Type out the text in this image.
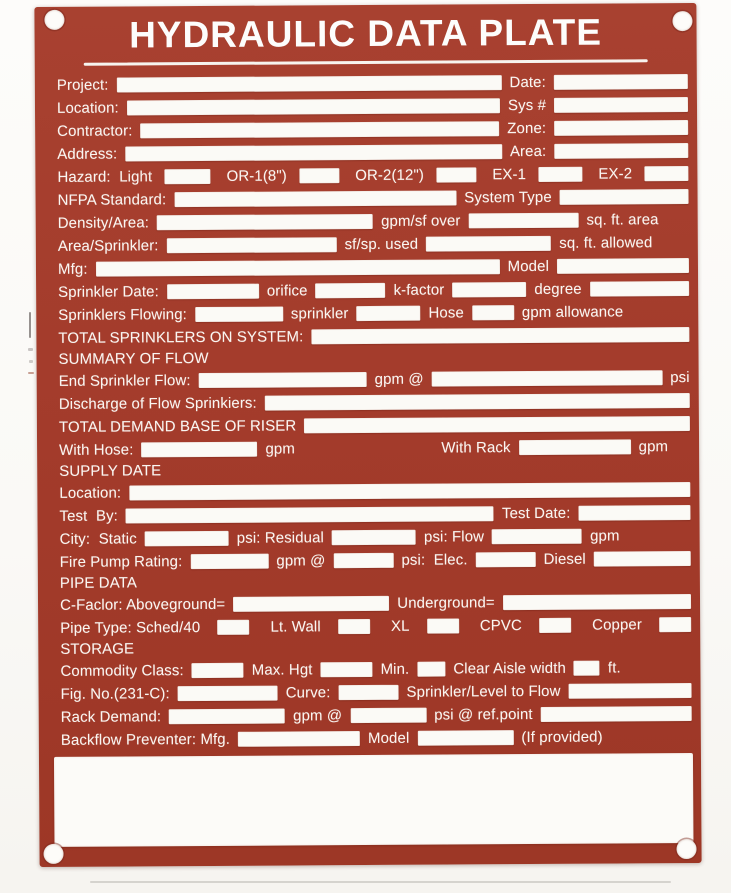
HYDRAULIC DATA PLATE
Project:	Date:
Location:	Sys #
Contractor:	Zone:
Address:	Area:
Hazard:  Light	OR-1(8")	OR-2(12")	EX-1	EX-2
NFPA Standard:	System Type
Density/Area:	gpm/sf over	sq. ft. area
Area/Sprinkler:	sf/sp. used	sq. ft. allowed
Mfg:	Model
Sprinkler Date:	orifice	k-factor	degree
Sprinklers Flowing:	sprinkler	Hose	gpm allowance
TOTAL SPRINKLERS ON SYSTEM:
SUMMARY OF FLOW
End Sprinkler Flow:	gpm @	psi
Discharge of Flow Sprinkiers:
TOTAL DEMAND BASE OF RISER
With Hose:	gpm	With Rack	gpm
SUPPLY DATE
Location:
Test  By:	Test Date:
City:  Static	psi: Residual	psi: Flow	gpm
Fire Pump Rating:	gpm @	psi:  Elec.	Diesel
PIPE DATA
C-Faclor: Aboveground=	Underground=
Pipe Type: Sched/40	Lt. Wall	XL	CPVC	Copper
STORAGE
Commodity Class:	Max. Hgt	Min.	Clear Aisle width	ft.
Fig. No.(231-C):	Curve:	Sprinkler/Level to Flow
Rack Demand:	gpm @	psi @ ref.point
Backflow Preventer: Mfg.	Model	(If provided)
